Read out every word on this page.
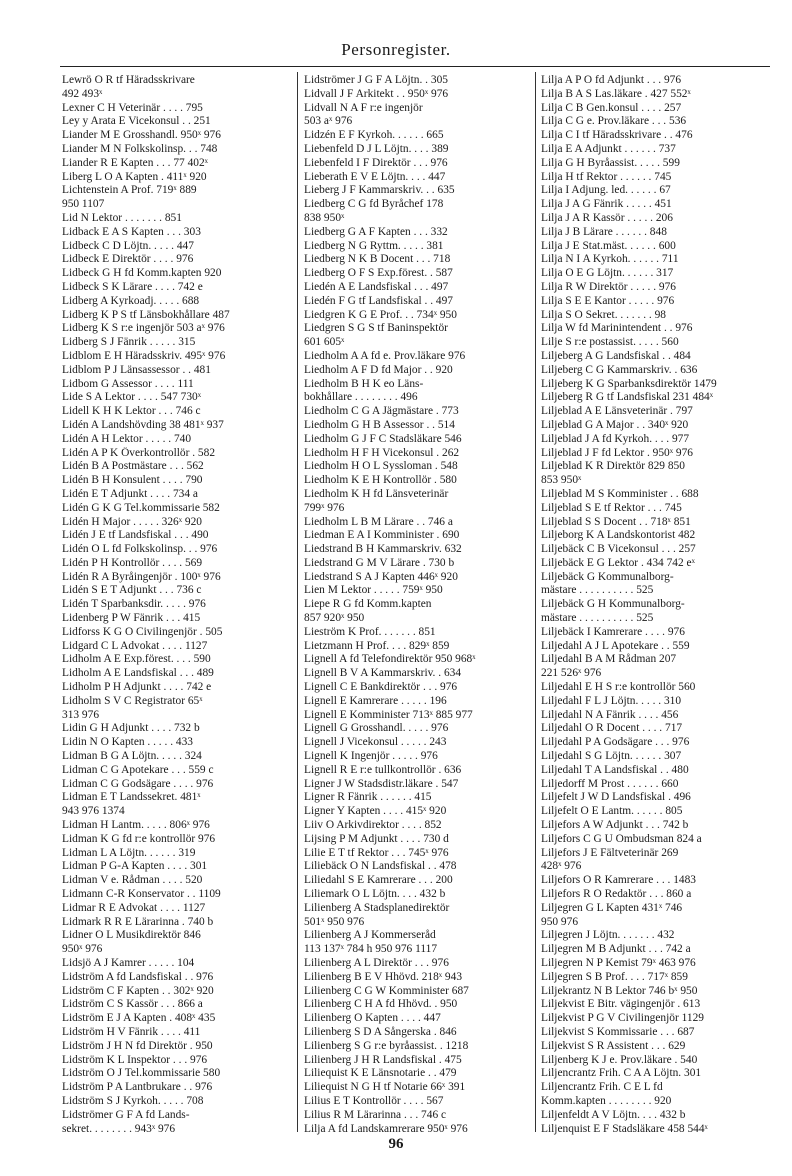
Personregister.
Lewrö O R tf Häradsskrivare
492 493ˣ
Lexner C H Veterinär . . . . 795
Ley y Arata E Vicekonsul . . 251
Liander M E Grosshandl. 950ˣ 976
Liander M N Folkskolinsp. . . 748
Liander R E Kapten . . . 77 402ˣ
Liberg L O A Kapten . 411ˣ 920
Lichtenstein A Prof. 719ˣ 889
950 1107
Lid N Lektor . . . . . . . 851
Lidback E A S Kapten . . . 303
Lidbeck C D Löjtn. . . . . 447
Lidbeck E Direktör . . . . 976
Lidbeck G H fd Komm.kapten 920
Lidbeck S K Lärare . . . . 742 e
Lidberg A Kyrkoadj. . . . . 688
Lidberg K P S tf Länsbokhållare 487
Lidberg K S r:e ingenjör 503 aˣ 976
Lidberg S J Fänrik . . . . . 315
Lidblom E H Häradsskriv. 495ˣ 976
Lidblom P J Länsassessor . . 481
Lidbom G Assessor . . . . 111
Lide S A Lektor . . . . 547 730ˣ
Lidell K H K Lektor . . . 746 c
Lidén A Landshövding 38 481ˣ 937
Lidén A H Lektor . . . . . 740
Lidén A P K Överkontrollör . 582
Lidén B A Postmästare . . . 562
Lidén B H Konsulent . . . . 790
Lidén E T Adjunkt . . . . 734 a
Lidén G K G Tel.kommissarie 582
Lidén H Major . . . . . 326ˣ 920
Lidén J E tf Landsfiskal . . . 490
Lidén O L fd Folkskolinsp. . . 976
Lidén P H Kontrollör . . . . 569
Lidén R A Byråingenjör . 100ˣ 976
Lidén S E T Adjunkt . . . 736 c
Lidén T Sparbanksdir. . . . . 976
Lidenberg P W Fänrik . . . 415
Lidforss K G O Civilingenjör . 505
Lidgard C L Advokat . . . . 1127
Lidholm A E Exp.förest. . . . 590
Lidholm A E Landsfiskal . . . 489
Lidholm P H Adjunkt . . . . 742 e
Lidholm S V C Registrator 65ˣ
313 976
Lidin G H Adjunkt . . . . 732 b
Lidin N O Kapten . . . . . 433
Lidman B G A Löjtn. . . . . 324
Lidman C G Apotekare . . . 559 c
Lidman C G Godsägare . . . . 976
Lidman E T Landssekret. 481ˣ
943 976 1374
Lidman H Lantm. . . . . 806ˣ 976
Lidman K G fd r:e kontrollör 976
Lidman L A Löjtn. . . . . . 319
Lidman P G-A Kapten . . . . 301
Lidman V e. Rådman . . . . 520
Lidmann C-R Konservator . . 1109
Lidmar R E Advokat . . . . 1127
Lidmark R R E Lärarinna . 740 b
Lidner O L Musikdirektör 846
950ˣ 976
Lidsjö A J Kamrer . . . . . 104
Lidström A fd Landsfiskal . . 976
Lidström C F Kapten . . 302ˣ 920
Lidström C S Kassör . . . 866 a
Lidström E J A Kapten . 408ˣ 435
Lidström H V Fänrik . . . . 411
Lidström J H N fd Direktör . 950
Lidström K L Inspektor . . . 976
Lidström O J Tel.kommissarie 580
Lidström P A Lantbrukare . . 976
Lidström S J Kyrkoh. . . . . 708
Lidströmer G F A fd Lands-
sekret. . . . . . . . 943ˣ 976
Lidströmer J G F A Löjtn. . 305
Lidvall J F Arkitekt . . 950ˣ 976
Lidvall N A F r:e ingenjör
503 aˣ 976
Lidzén E F Kyrkoh. . . . . . 665
Liebenfeld D J L Löjtn. . . . 389
Liebenfeld I F Direktör . . . 976
Lieberath E V E Löjtn. . . . 447
Lieberg J F Kammarskriv. . . 635
Liedberg C G fd Byråchef 178
838 950ˣ
Liedberg G A F Kapten . . . 332
Liedberg N G Ryttm. . . . . 381
Liedberg N K B Docent . . . 718
Liedberg O F S Exp.förest. . 587
Liedén A E Landsfiskal . . . 497
Liedén F G tf Landsfiskal . . 497
Liedgren K G E Prof. . . 734ˣ 950
Liedgren S G S tf Baninspektör
601 605ˣ
Liedholm A A fd e. Prov.läkare 976
Liedholm A F D fd Major . . 920
Liedholm B H K eo Läns-
bokhållare . . . . . . . . 496
Liedholm C G A Jägmästare . 773
Liedholm G H B Assessor . . 514
Liedholm G J F C Stadsläkare 546
Liedholm H F H Vicekonsul . 262
Liedholm H O L Syssloman . 548
Liedholm K E H Kontrollör . 580
Liedholm K H fd Länsveterinär
799ˣ 976
Liedholm L B M Lärare . . 746 a
Liedman E A I Komminister . 690
Liedstrand B H Kammarskriv. 632
Liedstrand G M V Lärare . 730 b
Liedstrand S A J Kapten 446ˣ 920
Lien M Lektor . . . . . 759ˣ 950
Liepe R G fd Komm.kapten
857 920ˣ 950
Lieström K Prof. . . . . . . 851
Lietzmann H Prof. . . . 829ˣ 859
Lignell A fd Telefondirektör 950 968ˣ
Lignell B V A Kammarskriv. . 634
Lignell C E Bankdirektör . . . 976
Lignell E Kamrerare . . . . . 196
Lignell E Komminister 713ˣ 885 977
Lignell G Grosshandl. . . . . 976
Lignell J Vicekonsul . . . . . 243
Lignell K Ingenjör . . . . . 976
Lignell R E r:e tullkontrollör . 636
Ligner J W Stadsdistr.läkare . 547
Ligner R Fänrik . . . . . . 415
Ligner Y Kapten . . . . 415ˣ 920
Liiv O Arkivdirektor . . . . 852
Lijsing P M Adjunkt . . . . 730 d
Lilie E T tf Rektor . . . 745ˣ 976
Liliebäck O N Landsfiskal . . 478
Liliedahl S E Kamrerare . . . 200
Liliemark O L Löjtn. . . . 432 b
Lilienberg A Stadsplanedirektör
501ˣ 950 976
Lilienberg A J Kommerseråd
113 137ˣ 784 h 950 976 1117
Lilienberg A L Direktör . . . 976
Lilienberg B E V Hhövd. 218ˣ 943
Lilienberg C G W Komminister 687
Lilienberg C H A fd Hhövd. . 950
Lilienberg O Kapten . . . . 447
Lilienberg S D A Sångerska . 846
Lilienberg S G r:e byråassist. . 1218
Lilienberg J H R Landsfiskal . 475
Liliequist K E Länsnotarie . . 479
Liliequist N G H tf Notarie 66ˣ 391
Lilius E T Kontrollör . . . . 567
Lilius R M Lärarinna . . . 746 c
Lilja A fd Landskamrerare 950ˣ 976
Lilja A P O fd Adjunkt . . . 976
Lilja B A S Las.läkare . 427 552ˣ
Lilja C B Gen.konsul . . . . 257
Lilja C G e. Prov.läkare . . . 536
Lilja C I tf Häradsskrivare . . 476
Lilja E A Adjunkt . . . . . . 737
Lilja G H Byråassist. . . . . 599
Lilja H tf Rektor . . . . . . 745
Lilja I Adjung. led. . . . . . 67
Lilja J A G Fänrik . . . . . 451
Lilja J A R Kassör . . . . . 206
Lilja J B Lärare . . . . . . 848
Lilja J E Stat.mäst. . . . . . 600
Lilja N I A Kyrkoh. . . . . . 711
Lilja O E G Löjtn. . . . . . 317
Lilja R W Direktör . . . . . 976
Lilja S E E Kantor . . . . . 976
Lilja S O Sekret. . . . . . . 98
Lilja W fd Marinintendent . . 976
Lilje S r:e postassist. . . . . 560
Liljeberg A G Landsfiskal . . 484
Liljeberg C G Kammarskriv. . 636
Liljeberg K G Sparbanksdirektör 1479
Liljeberg R G tf Landsfiskal 231 484ˣ
Liljeblad A E Länsveterinär . 797
Liljeblad G A Major . . 340ˣ 920
Liljeblad J A fd Kyrkoh. . . . 977
Liljeblad J F fd Lektor . 950ˣ 976
Liljeblad K R Direktör 829 850
853 950ˣ
Liljeblad M S Komminister . . 688
Liljeblad S E tf Rektor . . . 745
Liljeblad S S Docent . . 718ˣ 851
Liljeborg K A Landskontorist 482
Liljebäck C B Vicekonsul . . . 257
Liljebäck E G Lektor . 434 742 eˣ
Liljebäck G Kommunalborg-
mästare . . . . . . . . . . 525
Liljebäck G H Kommunalborg-
mästare . . . . . . . . . . 525
Liljebäck I Kamrerare . . . . 976
Liljedahl A J L Apotekare . . 559
Liljedahl B A M Rådman 207
221 526ˣ 976
Liljedahl E H S r:e kontrollör 560
Liljedahl F L J Löjtn. . . . . 310
Liljedahl N A Fänrik . . . . 456
Liljedahl O R Docent . . . . 717
Liljedahl P A Godsägare . . . 976
Liljedahl S G Löjtn. . . . . . 307
Liljedahl T A Landsfiskal . . 480
Liljedorff M Prost . . . . . . 660
Liljefelt J W D Landsfiskal . 496
Liljefelt O E Lantm. . . . . . 805
Liljefors A W Adjunkt . . . 742 b
Liljefors C G U Ombudsman 824 a
Liljefors J E Fältveterinär 269
428ˣ 976
Liljefors O R Kamrerare . . . 1483
Liljefors R O Redaktör . . . 860 a
Liljegren G L Kapten 431ˣ 746
950 976
Liljegren J Löjtn. . . . . . . 432
Liljegren M B Adjunkt . . . 742 a
Liljegren N P Kemist 79ˣ 463 976
Liljegren S B Prof. . . . 717ˣ 859
Liljekrantz N B Lektor 746 bˣ 950
Liljekvist E Bitr. vägingenjör . 613
Liljekvist P G V Civilingenjör 1129
Liljekvist S Kommissarie . . . 687
Liljekvist S R Assistent . . . 629
Liljenberg K J e. Prov.läkare . 540
Liljencrantz Frih. C A A Löjtn. 301
Liljencrantz Frih. C E L fd
Komm.kapten . . . . . . . . 920
Liljenfeldt A V Löjtn. . . . 432 b
Liljenquist E F Stadsläkare 458 544ˣ
96
